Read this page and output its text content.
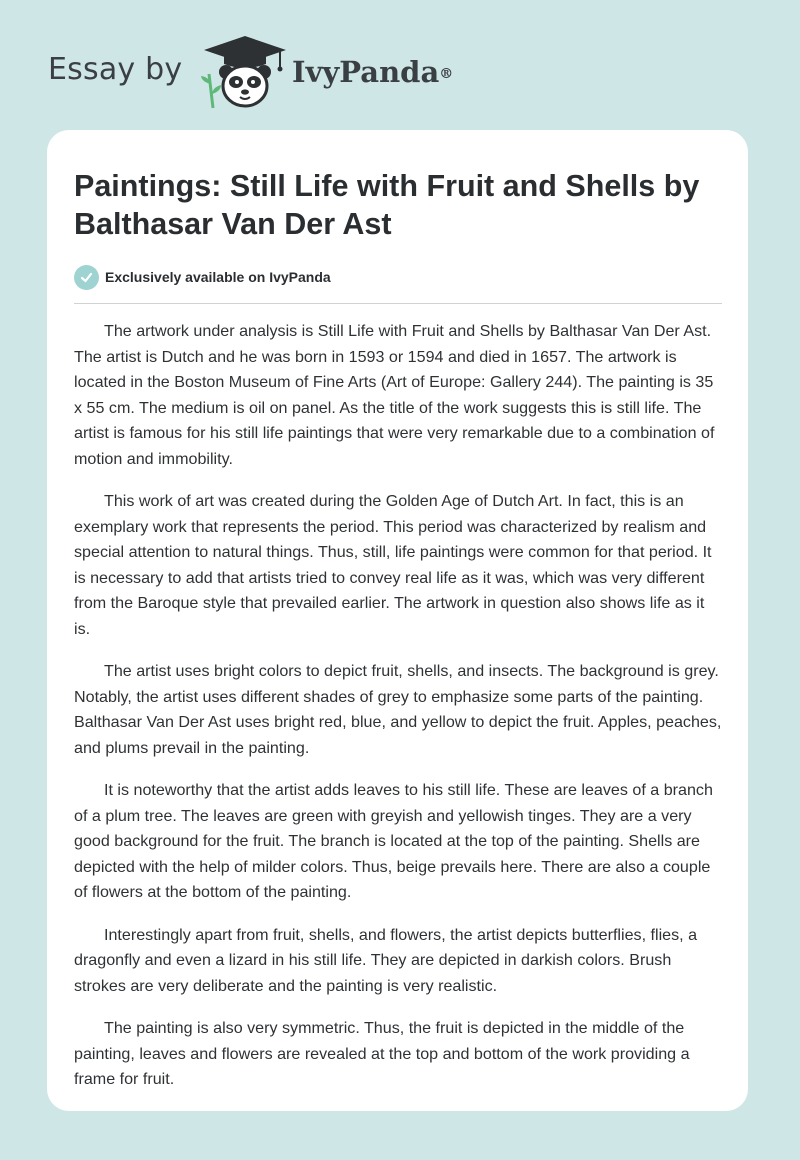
Essay by	IvyPanda®
Paintings: Still Life with Fruit and Shells by Balthasar Van Der Ast
Exclusively available on IvyPanda

The artwork under analysis is Still Life with Fruit and Shells by Balthasar Van Der Ast. The artist is Dutch and he was born in 1593 or 1594 and died in 1657. The artwork is located in the Boston Museum of Fine Arts (Art of Europe: Gallery 244). The painting is 35 x 55 cm. The medium is oil on panel. As the title of the work suggests this is still life. The artist is famous for his still life paintings that were very remarkable due to a combination of motion and immobility.

This work of art was created during the Golden Age of Dutch Art. In fact, this is an exemplary work that represents the period. This period was characterized by realism and special attention to natural things. Thus, still, life paintings were common for that period. It is necessary to add that artists tried to convey real life as it was, which was very different from the Baroque style that prevailed earlier. The artwork in question also shows life as it is.

The artist uses bright colors to depict fruit, shells, and insects. The background is grey. Notably, the artist uses different shades of grey to emphasize some parts of the painting. Balthasar Van Der Ast uses bright red, blue, and yellow to depict the fruit. Apples, peaches, and plums prevail in the painting.

It is noteworthy that the artist adds leaves to his still life. These are leaves of a branch of a plum tree. The leaves are green with greyish and yellowish tinges. They are a very good background for the fruit. The branch is located at the top of the painting. Shells are depicted with the help of milder colors. Thus, beige prevails here. There are also a couple of flowers at the bottom of the painting.

Interestingly apart from fruit, shells, and flowers, the artist depicts butterflies, flies, a dragonfly and even a lizard in his still life. They are depicted in darkish colors. Brush strokes are very deliberate and the painting is very realistic.

The painting is also very symmetric. Thus, the fruit is depicted in the middle of the painting, leaves and flowers are revealed at the top and bottom of the work providing a frame for fruit.
